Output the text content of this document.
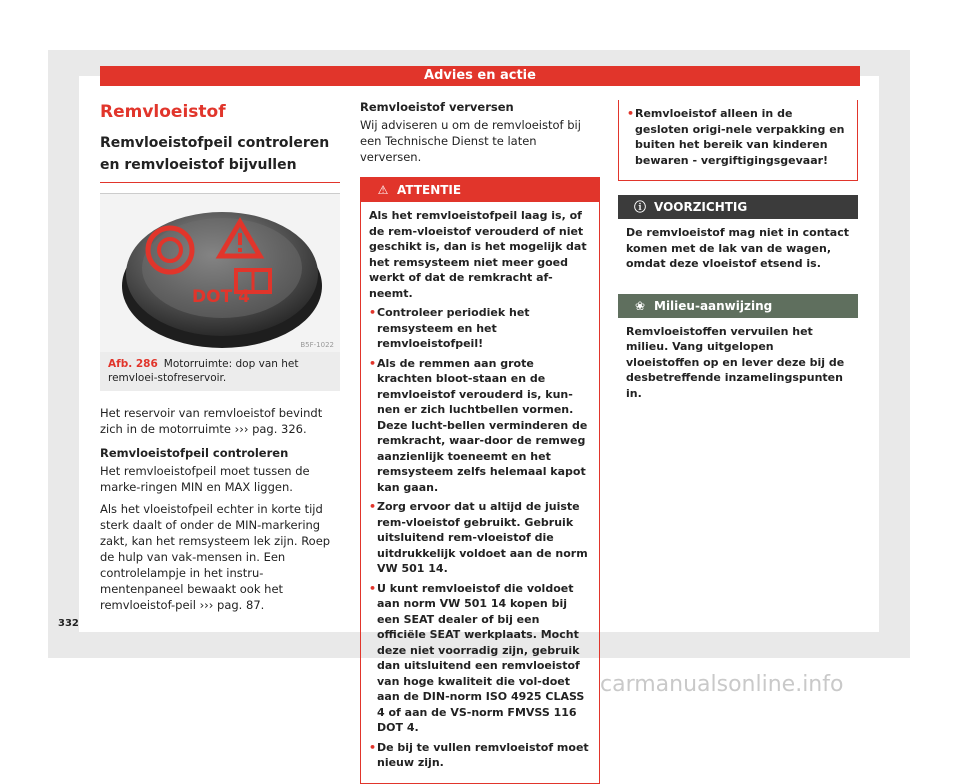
Advies en actie
Remvloeistof
Remvloeistofpeil controleren en remvloeistof bijvullen
DOT 4
B5F-1022
Afb. 286 Motorruimte: dop van het remvloei-stofreservoir.

Het reservoir van remvloeistof bevindt zich in de motorruimte ››› pag. 326.

Remvloeistofpeil controleren

Het remvloeistofpeil moet tussen de marke-ringen MIN en MAX liggen.

Als het vloeistofpeil echter in korte tijd sterk daalt of onder de MIN-markering zakt, kan het remsysteem lek zijn. Roep de hulp van vak-mensen in. Een controlelampje in het instru-mentenpaneel bewaakt ook het remvloeistof-peil ››› pag. 87.

Remvloeistof verversen

Wij adviseren u om de remvloeistof bij een Technische Dienst te laten verversen.

⚠ ATTENTIE

Als het remvloeistofpeil laag is, of de rem-vloeistof verouderd of niet geschikt is, dan is het mogelijk dat het remsysteem niet meer goed werkt of dat de remkracht af-neemt.

• Controleer periodiek het remsysteem en het remvloeistofpeil!

• Als de remmen aan grote krachten bloot-staan en de remvloeistof verouderd is, kun-nen er zich luchtbellen vormen. Deze lucht-bellen verminderen de remkracht, waar-door de remweg aanzienlijk toeneemt en het remsysteem zelfs helemaal kapot kan gaan.

• Zorg ervoor dat u altijd de juiste rem-vloeistof gebruikt. Gebruik uitsluitend rem-vloeistof die uitdrukkelijk voldoet aan de norm VW 501 14.

• U kunt remvloeistof die voldoet aan norm VW 501 14 kopen bij een SEAT dealer of bij een officiële SEAT werkplaats. Mocht deze niet voorradig zijn, gebruik dan uitsluitend een remvloeistof van hoge kwaliteit die vol-doet aan de DIN-norm ISO 4925 CLASS 4 of aan de VS-norm FMVSS 116 DOT 4.

• De bij te vullen remvloeistof moet nieuw zijn.

• Remvloeistof alleen in de gesloten origi-nele verpakking en buiten het bereik van kinderen bewaren - vergiftigingsgevaar!

ⓘ VOORZICHTIG

De remvloeistof mag niet in contact komen met de lak van de wagen, omdat deze vloeistof etsend is.

❀ Milieu-aanwijzing

Remvloeistoffen vervuilen het milieu. Vang uitgelopen vloeistoffen op en lever deze bij de desbetreffende inzamelingspunten in.

332
carmanualsonline.info
